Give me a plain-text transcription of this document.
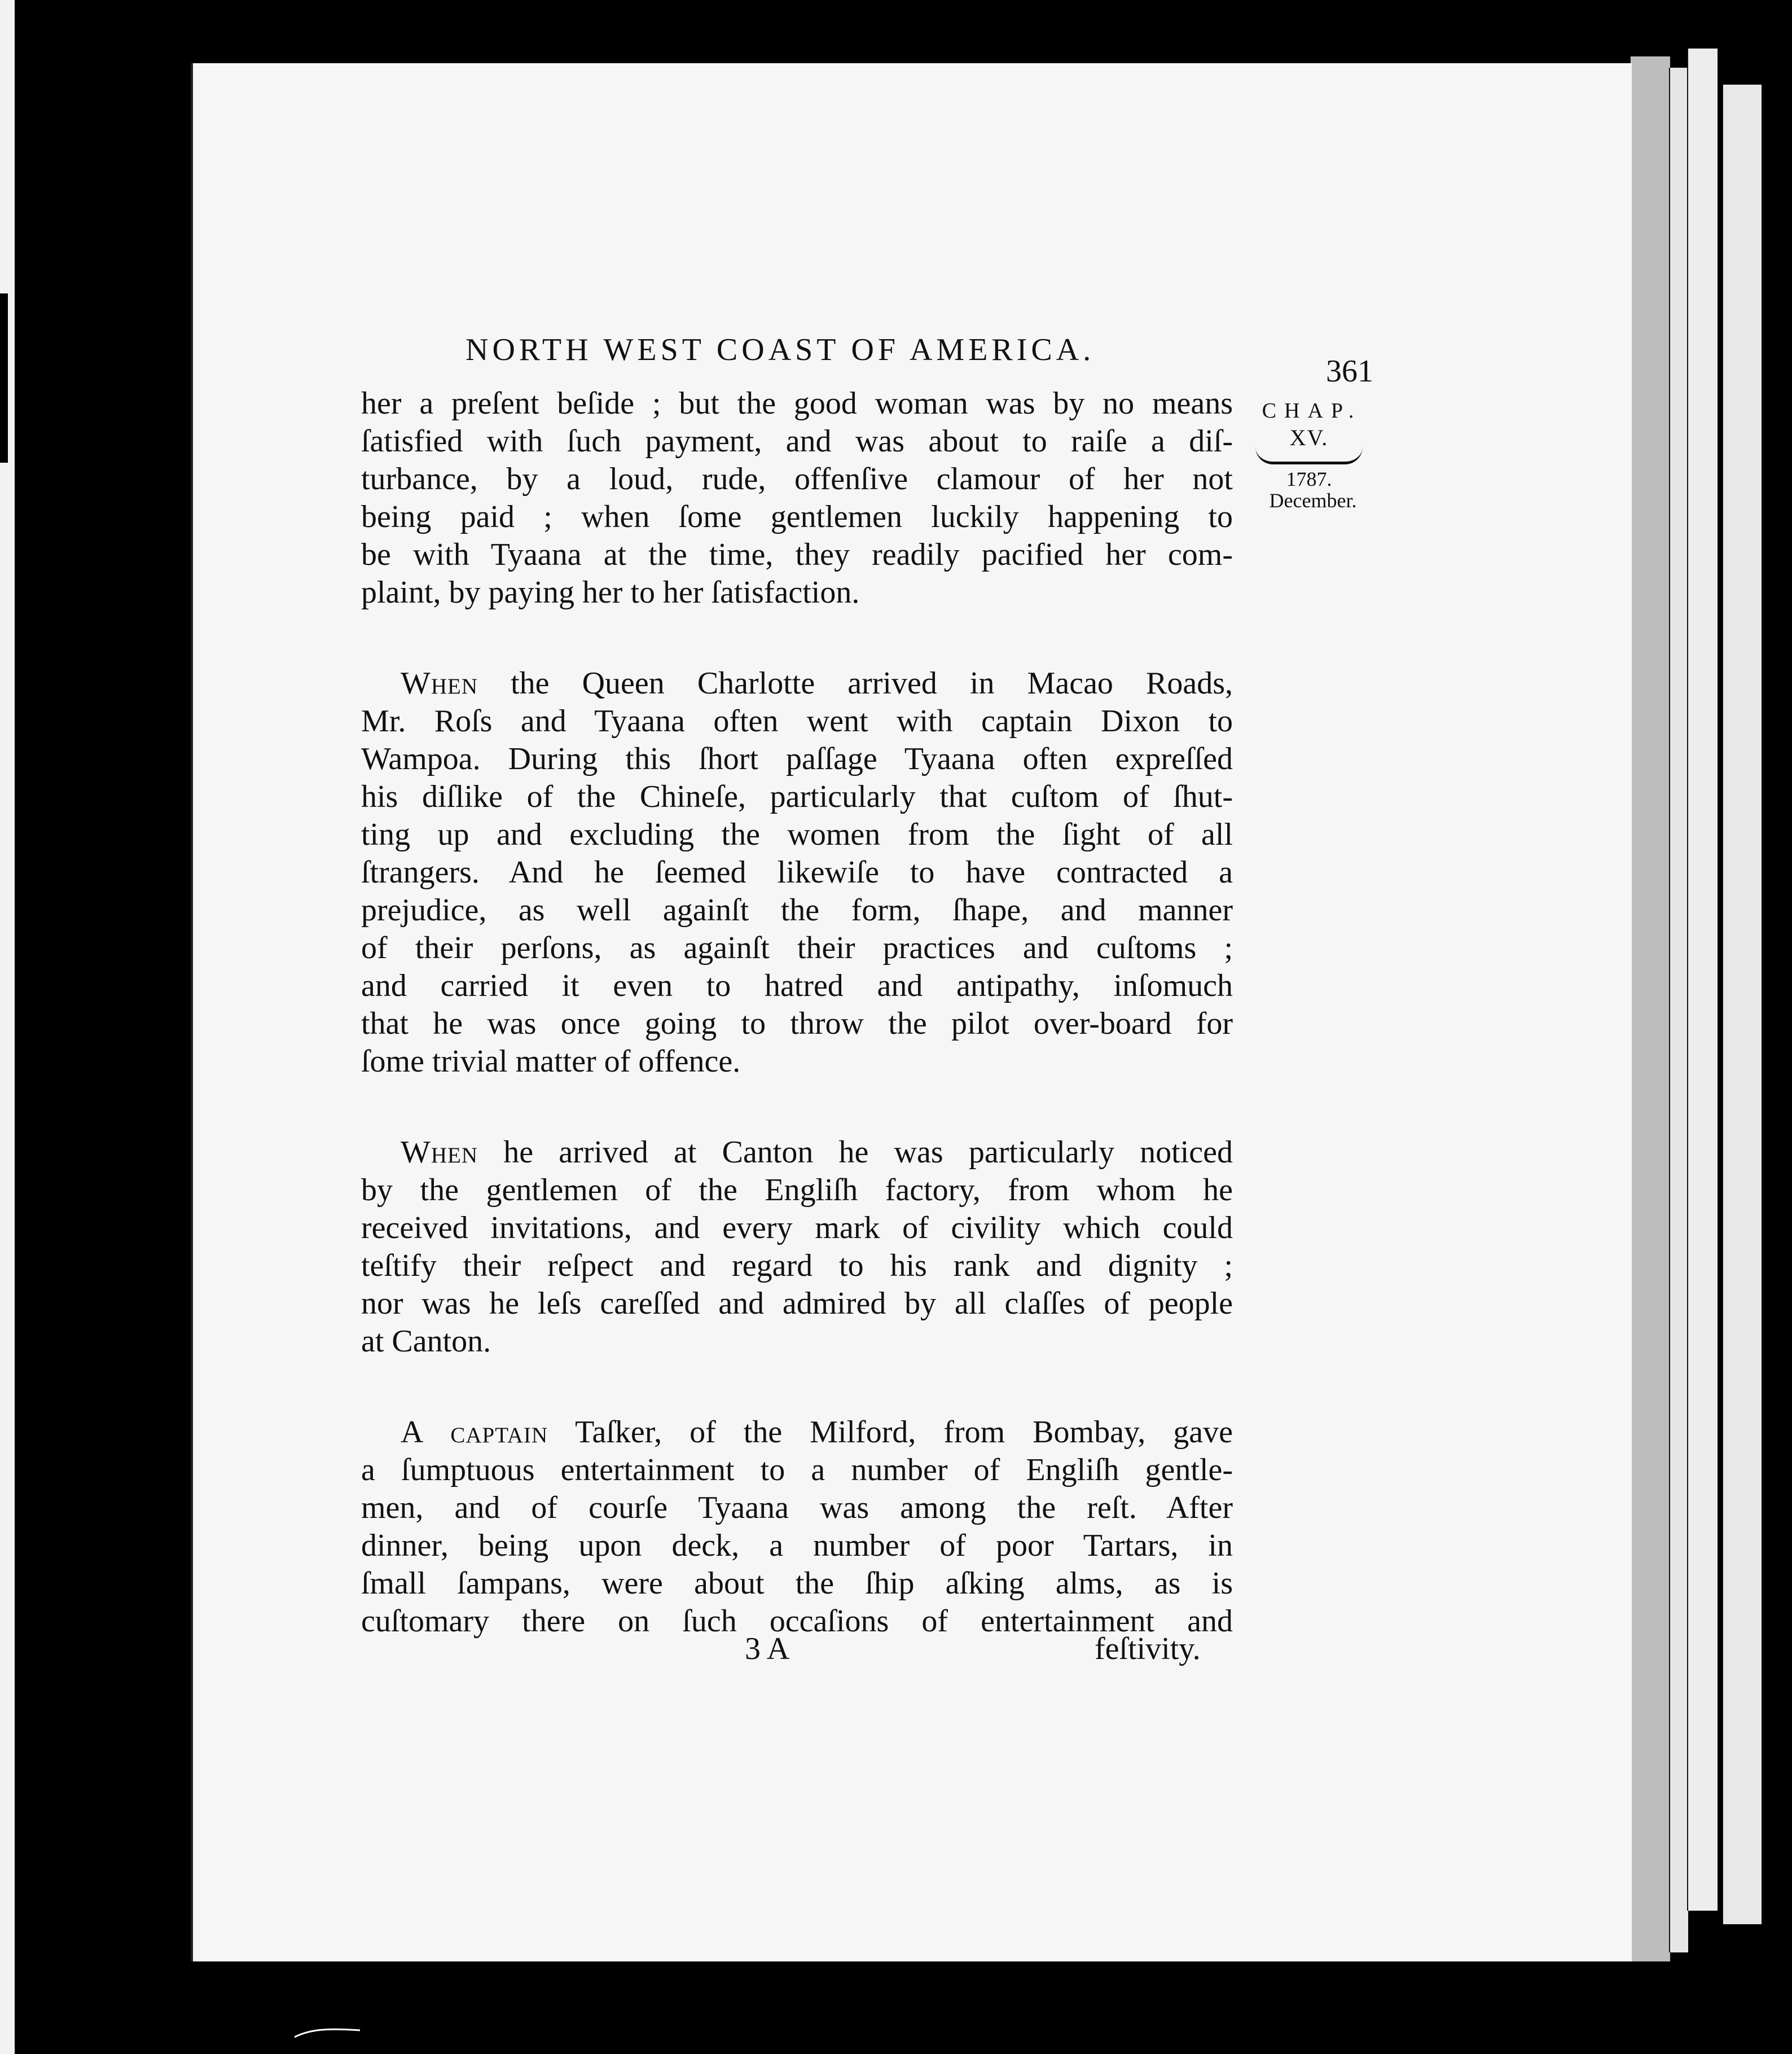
NORTH WEST COAST OF AMERICA.
361
CHAP.
XV.
1787.
December.
her a preſent beſide ; but the good woman was by no means
ſatisfied with ſuch payment, and was about to raiſe a diſ-
turbance, by a loud, rude, offenſive clamour of her not
being paid ; when ſome gentlemen luckily happening to
be with Tyaana at the time, they readily pacified her com-
plaint, by paying her to her ſatisfaction.
When the Queen Charlotte arrived in Macao Roads,
Mr. Roſs and Tyaana often went with captain Dixon to
Wampoa. During this ſhort paſſage Tyaana often expreſſed
his diſlike of the Chineſe, particularly that cuſtom of ſhut-
ting up and excluding the women from the ſight of all
ſtrangers. And he ſeemed likewiſe to have contracted a
prejudice, as well againſt the form, ſhape, and manner
of their perſons, as againſt their practices and cuſtoms ;
and carried it even to hatred and antipathy, inſomuch
that he was once going to throw the pilot over-board for
ſome trivial matter of offence.
When he arrived at Canton he was particularly noticed
by the gentlemen of the Engliſh factory, from whom he
received invitations, and every mark of civility which could
teſtify their reſpect and regard to his rank and dignity ;
nor was he leſs careſſed and admired by all claſſes of people
at Canton.
A captain Taſker, of the Milford, from Bombay, gave
a ſumptuous entertainment to a number of Engliſh gentle-
men, and of courſe Tyaana was among the reſt. After
dinner, being upon deck, a number of poor Tartars, in
ſmall ſampans, were about the ſhip aſking alms, as is
cuſtomary there on ſuch occaſions of entertainment and
3 A	feſtivity.
